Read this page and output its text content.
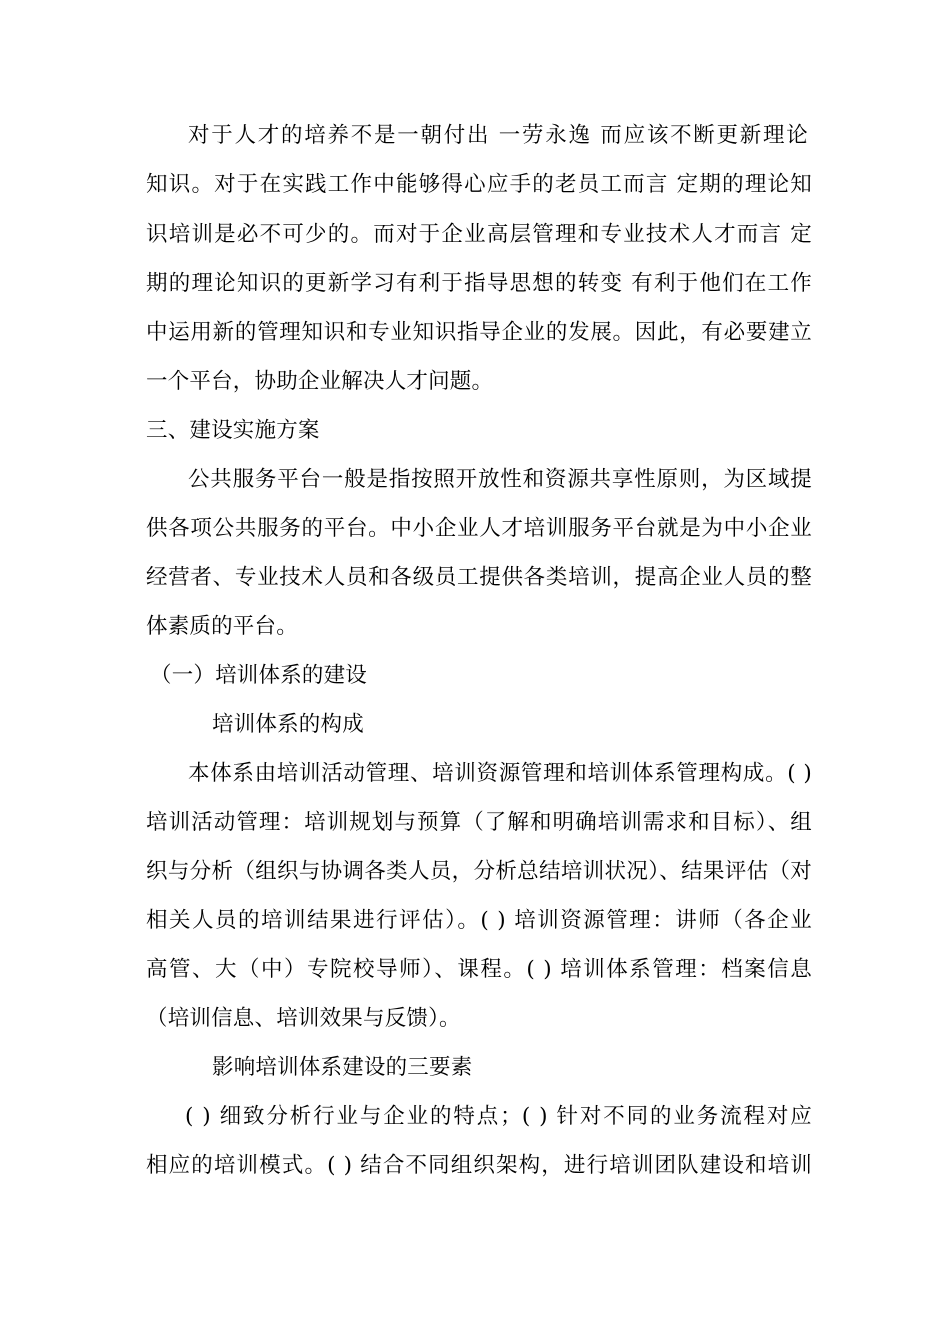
对于人才的培养不是一朝付出 一劳永逸 而应该不断更新理论
知识。对于在实践工作中能够得心应手的老员工而言 定期的理论知
识培训是必不可少的。而对于企业高层管理和专业技术人才而言 定
期的理论知识的更新学习有利于指导思想的转变 有利于他们在工作
中运用新的管理知识和专业知识指导企业的发展。因此，有必要建立
一个平台，协助企业解决人才问题。
三、建设实施方案
公共服务平台一般是指按照开放性和资源共享性原则，为区域提
供各项公共服务的平台。中小企业人才培训服务平台就是为中小企业
经营者、专业技术人员和各级员工提供各类培训，提高企业人员的整
体素质的平台。
（一）培训体系的建设
培训体系的构成
本体系由培训活动管理、培训资源管理和培训体系管理构成。( )
培训活动管理：培训规划与预算（了解和明确培训需求和目标）、组
织与分析（组织与协调各类人员，分析总结培训状况）、结果评估（对
相关人员的培训结果进行评估）。( ) 培训资源管理：讲师（各企业
高管、大（中）专院校导师）、课程。( ) 培训体系管理：档案信息
（培训信息、培训效果与反馈）。
影响培训体系建设的三要素
( ) 细致分析行业与企业的特点；( ) 针对不同的业务流程对应
相应的培训模式。( ) 结合不同组织架构，进行培训团队建设和培训
